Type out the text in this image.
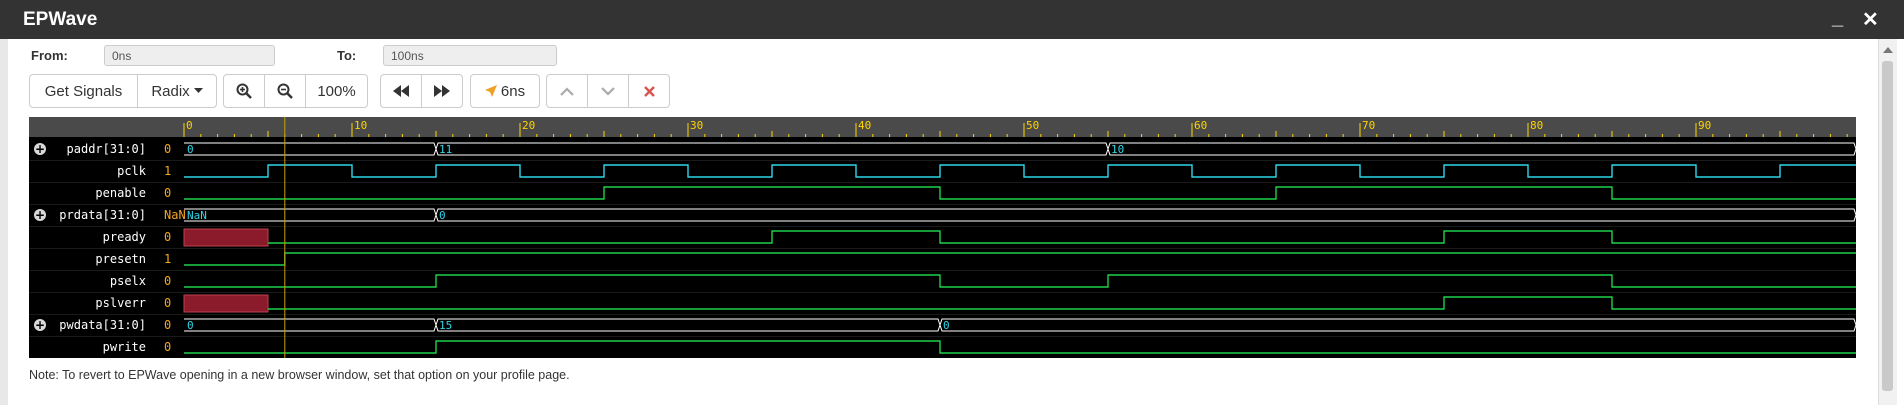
EPWave	_ ✕
From:
0ns	To:
100ns
Get Signals	Radix	100%	6ns
0	10	20	30	40	50	60	70	80	90
0	11	10
NaN	0
0	15	0
paddr[31:0] 0
+
pclk 1
penable 0
prdata[31:0] NaN
+
pready 0
presetn 1
pselx 0
pslverr 0
pwdata[31:0] 0
+
pwrite 0
Note: To revert to EPWave opening in a new browser window, set that option on your profile page.
